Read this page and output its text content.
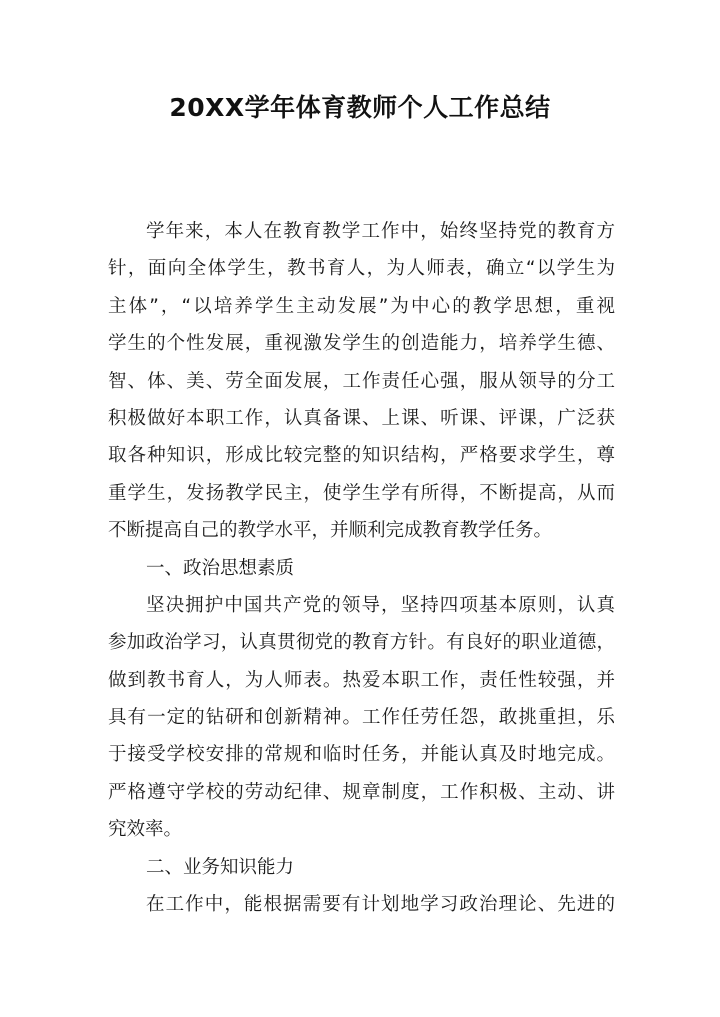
20XX学年体育教师个人工作总结
学年来，本人在教育教学工作中，始终坚持党的教育方
针，面向全体学生，教书育人，为人师表，确立“以学生为
主体”，“以培养学生主动发展”为中心的教学思想，重视
学生的个性发展，重视激发学生的创造能力，培养学生德、
智、体、美、劳全面发展，工作责任心强，服从领导的分工
积极做好本职工作，认真备课、上课、听课、评课，广泛获
取各种知识，形成比较完整的知识结构，严格要求学生，尊
重学生，发扬教学民主，使学生学有所得，不断提高，从而
不断提高自己的教学水平，并顺利完成教育教学任务。
一、政治思想素质
坚决拥护中国共产党的领导，坚持四项基本原则，认真
参加政治学习，认真贯彻党的教育方针。有良好的职业道德，
做到教书育人，为人师表。热爱本职工作，责任性较强，并
具有一定的钻研和创新精神。工作任劳任怨，敢挑重担，乐
于接受学校安排的常规和临时任务，并能认真及时地完成。
严格遵守学校的劳动纪律、规章制度，工作积极、主动、讲
究效率。
二、业务知识能力
在工作中，能根据需要有计划地学习政治理论、先进的
